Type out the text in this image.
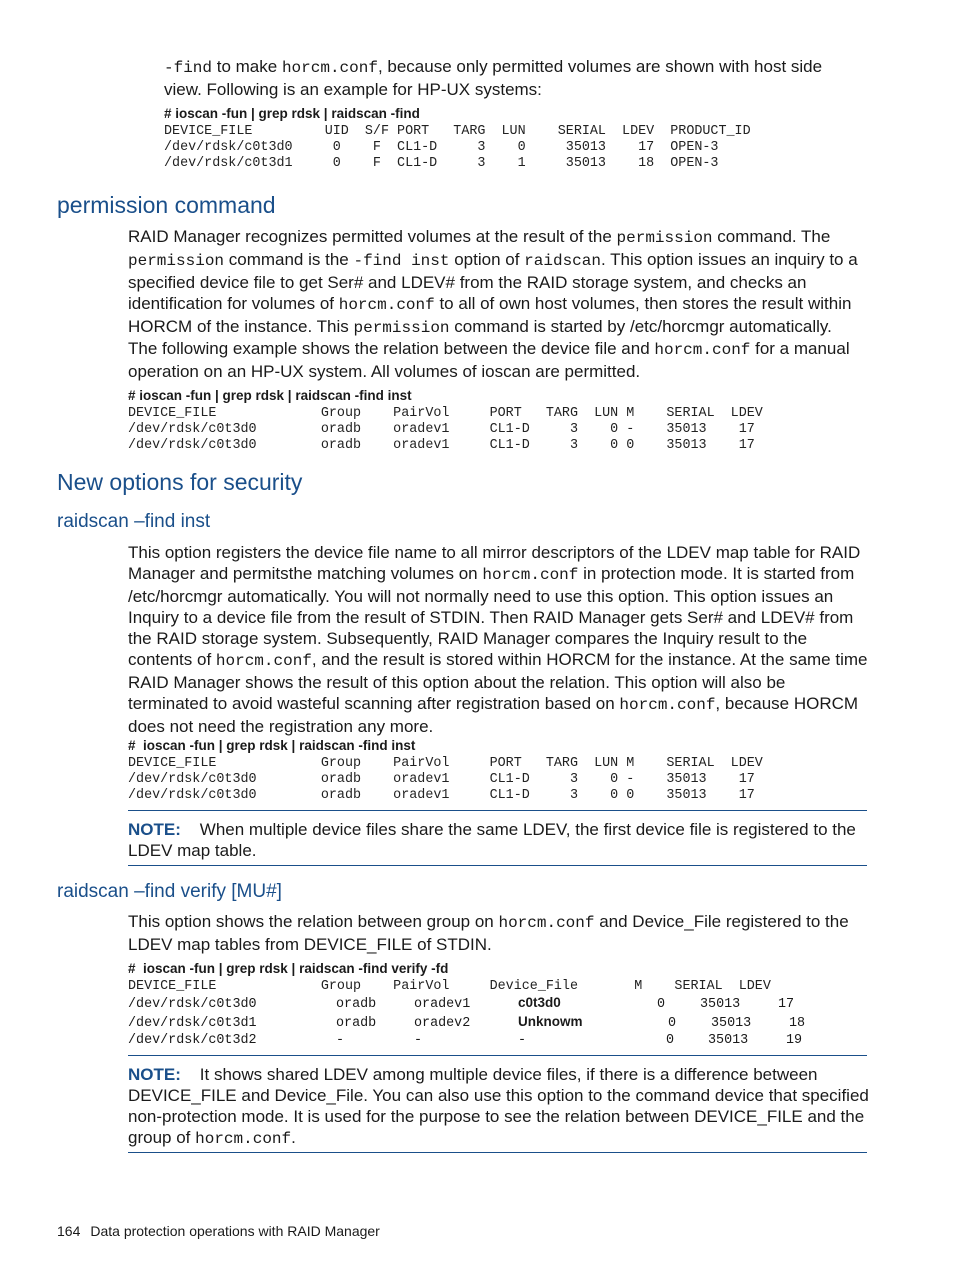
-find to make horcm.conf, because only permitted volumes are shown with host side view. Following is an example for HP-UX systems:

# ioscan -fun | grep rdsk | raidscan -find
DEVICE_FILE         UID  S/F PORT   TARG  LUN    SERIAL  LDEV  PRODUCT_ID
/dev/rdsk/c0t3d0     0    F  CL1-D     3    0     35013    17  OPEN-3
/dev/rdsk/c0t3d1     0    F  CL1-D     3    1     35013    18  OPEN-3
permission command

RAID Manager recognizes permitted volumes at the result of the permission command. The permission command is the -find inst option of raidscan. This option issues an inquiry to a specified device file to get Ser# and LDEV# from the RAID storage system, and checks an identification for volumes of horcm.conf to all of own host volumes, then stores the result within HORCM of the instance. This permission command is started by /etc/horcmgr automatically.

The following example shows the relation between the device file and horcm.conf for a manual operation on an HP-UX system. All volumes of ioscan are permitted.

# ioscan -fun | grep rdsk | raidscan -find inst
DEVICE_FILE             Group    PairVol     PORT   TARG  LUN M    SERIAL  LDEV
/dev/rdsk/c0t3d0        oradb    oradev1     CL1-D     3    0 -    35013    17
/dev/rdsk/c0t3d0        oradb    oradev1     CL1-D     3    0 0    35013    17
New options for security
raidscan –find inst

This option registers the device file name to all mirror descriptors of the LDEV map table for RAID Manager and permitsthe matching volumes on horcm.conf in protection mode. It is started from /etc/horcmgr automatically. You will not normally need to use this option. This option issues an Inquiry to a device file from the result of STDIN. Then RAID Manager gets Ser# and LDEV# from the RAID storage system. Subsequently, RAID Manager compares the Inquiry result to the contents of horcm.conf, and the result is stored within HORCM for the instance. At the same time RAID Manager shows the result of this option about the relation. This option will also be terminated to avoid wasteful scanning after registration based on horcm.conf, because HORCM does not need the registration any more.

#  ioscan -fun | grep rdsk | raidscan -find inst
DEVICE_FILE             Group    PairVol     PORT   TARG  LUN M    SERIAL  LDEV
/dev/rdsk/c0t3d0        oradb    oradev1     CL1-D     3    0 -    35013    17
/dev/rdsk/c0t3d0        oradb    oradev1     CL1-D     3    0 0    35013    17

NOTE: When multiple device files share the same LDEV, the first device file is registered to the LDEV map table.

raidscan –find verify [MU#]

This option shows the relation between group on horcm.conf and Device_File registered to the LDEV map tables from DEVICE_FILE of STDIN.

#  ioscan -fun | grep rdsk | raidscan -find verify -fd
DEVICE_FILE             Group    PairVol     Device_File       M    SERIAL  LDEV
/dev/rdsk/c0t3d0	oradb	oradev1	c0t3d0	0	35013	17
/dev/rdsk/c0t3d1	oradb	oradev2	Unknowm	0	35013	18
/dev/rdsk/c0t3d2	-	-	-	0	35013	19

NOTE: It shows shared LDEV among multiple device files, if there is a difference between DEVICE_FILE and Device_File. You can also use this option to the command device that specified non-protection mode. It is used for the purpose to see the relation between DEVICE_FILE and the group of horcm.conf.

164 Data protection operations with RAID Manager
